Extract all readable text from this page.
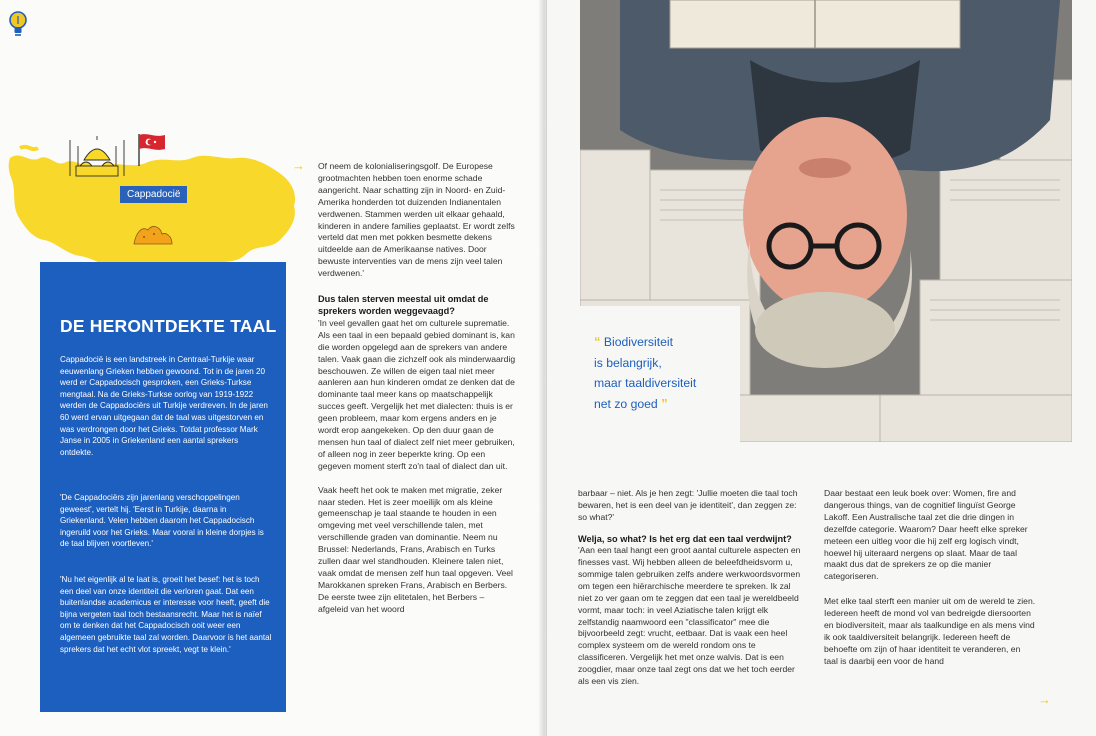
Cappadocië
DE HERONTDEKTE TAAL

Cappadocië is een landstreek in Centraal-Turkije waar eeuwenlang Grieken hebben gewoond. Tot in de jaren 20 werd er Cappadocisch gesproken, een Grieks-Turkse mengtaal. Na de Grieks-Turkse oorlog van 1919-1922 werden de Cappadociërs uit Turkije verdreven. In de jaren 60 werd ervan uitgegaan dat de taal was uitgestorven en was verdrongen door het Grieks. Totdat professor Mark Janse in 2005 in Griekenland een aantal sprekers ontdekte.

'De Cappadociërs zijn jarenlang verschoppelingen geweest', vertelt hij. 'Eerst in Turkije, daarna in Griekenland. Velen hebben daarom het Cappadocisch ingeruild voor het Grieks. Maar vooral in kleine dorpjes is de taal blijven voortleven.'

'Nu het eigenlijk al te laat is, groeit het besef: het is toch een deel van onze identiteit die verloren gaat. Dat een buitenlandse academicus er interesse voor heeft, geeft die bijna vergeten taal toch bestaansrecht. Maar het is naïef om te denken dat het Cappadocisch ooit weer een algemeen gebruikte taal zal worden. Daarvoor is het aantal sprekers dat het echt vlot spreekt, vegt te klein.'

→ Of neem de kolonialiseringsgolf. De Europese grootmachten hebben toen enorme schade aangericht. Naar schatting zijn in Noord- en Zuid-Amerika honderden tot duizenden Indianentalen verdwenen. Stammen werden uit elkaar gehaald, kinderen in andere families geplaatst. Er wordt zelfs verteld dat men met pokken besmette dekens uitdeelde aan de Amerikaanse natives. Door bewuste interventies van de mens zijn veel talen verdwenen.'

Dus talen sterven meestal uit omdat de sprekers worden weggevaagd?

'In veel gevallen gaat het om culturele suprematie. Als een taal in een bepaald gebied dominant is, kan die worden opgelegd aan de sprekers van andere talen. Vaak gaan die zichzelf ook als minderwaardig beschouwen. Ze willen de eigen taal niet meer aanleren aan hun kinderen omdat ze denken dat de dominante taal meer kans op maatschappelijk succes geeft. Vergelijk het met dialecten: thuis is er geen probleem, maar kom ergens anders en je wordt erop aangekeken. Op den duur gaan de mensen hun taal of dialect zelf niet meer gebruiken, of alleen nog in zeer beperkte kring. Op een gegeven moment sterft zo'n taal of dialect dan uit.

Vaak heeft het ook te maken met migratie, zeker naar steden. Het is zeer moeilijk om als kleine gemeenschap je taal staande te houden in een omgeving met veel verschillende talen, met verschillende graden van dominantie. Neem nu Brussel: Nederlands, Frans, Arabisch en Turks zullen daar wel standhouden. Kleinere talen niet, vaak omdat de mensen zelf hun taal opgeven. Veel Marokkanen spreken Frans, Arabisch en Berbers. De eerste twee zijn elitetalen, het Berbers – afgeleid van het woord

“ Biodiversiteit
is belangrijk,
maar taaldiversiteit
net zo goed ”

barbaar – niet. Als je hen zegt: 'Jullie moeten die taal toch bewaren, het is een deel van je identiteit', dan zeggen ze: so what?'

Welja, so what? Is het erg dat een taal verdwijnt?

'Aan een taal hangt een groot aantal culturele aspecten en finesses vast. Wij hebben alleen de beleefdheidsvorm u, sommige talen gebruiken zelfs andere werkwoordsvormen om tegen een hiërarchische meerdere te spreken. Ik zal niet zo ver gaan om te zeggen dat een taal je wereldbeeld vormt, maar toch: in veel Aziatische talen krijgt elk zelfstandig naamwoord een "classificator" mee die bijvoorbeeld zegt: vrucht, eetbaar. Dat is vaak een heel complex systeem om de wereld rondom ons te classificeren. Vergelijk het met onze walvis. Dat is een zoogdier, maar onze taal zegt ons dat we het toch eerder als een vis zien.

Daar bestaat een leuk boek over: Women, fire and dangerous things, van de cognitief linguïst George Lakoff. Een Australische taal zet die drie dingen in dezelfde categorie. Waarom? Daar heeft elke spreker meteen een uitleg voor die hij zelf erg logisch vindt, hoewel hij uiteraard nergens op slaat. Maar de taal maakt dus dat de sprekers ze op die manier categoriseren.

Met elke taal sterft een manier uit om de wereld te zien. Iedereen heeft de mond vol van bedreigde diersoorten en biodiversiteit, maar als taalkundige en als mens vind ik ook taaldiversiteit belangrijk. Iedereen heeft de behoefte om zijn of haar identiteit te veranderen, en taal is daarbij een voor de hand

→
